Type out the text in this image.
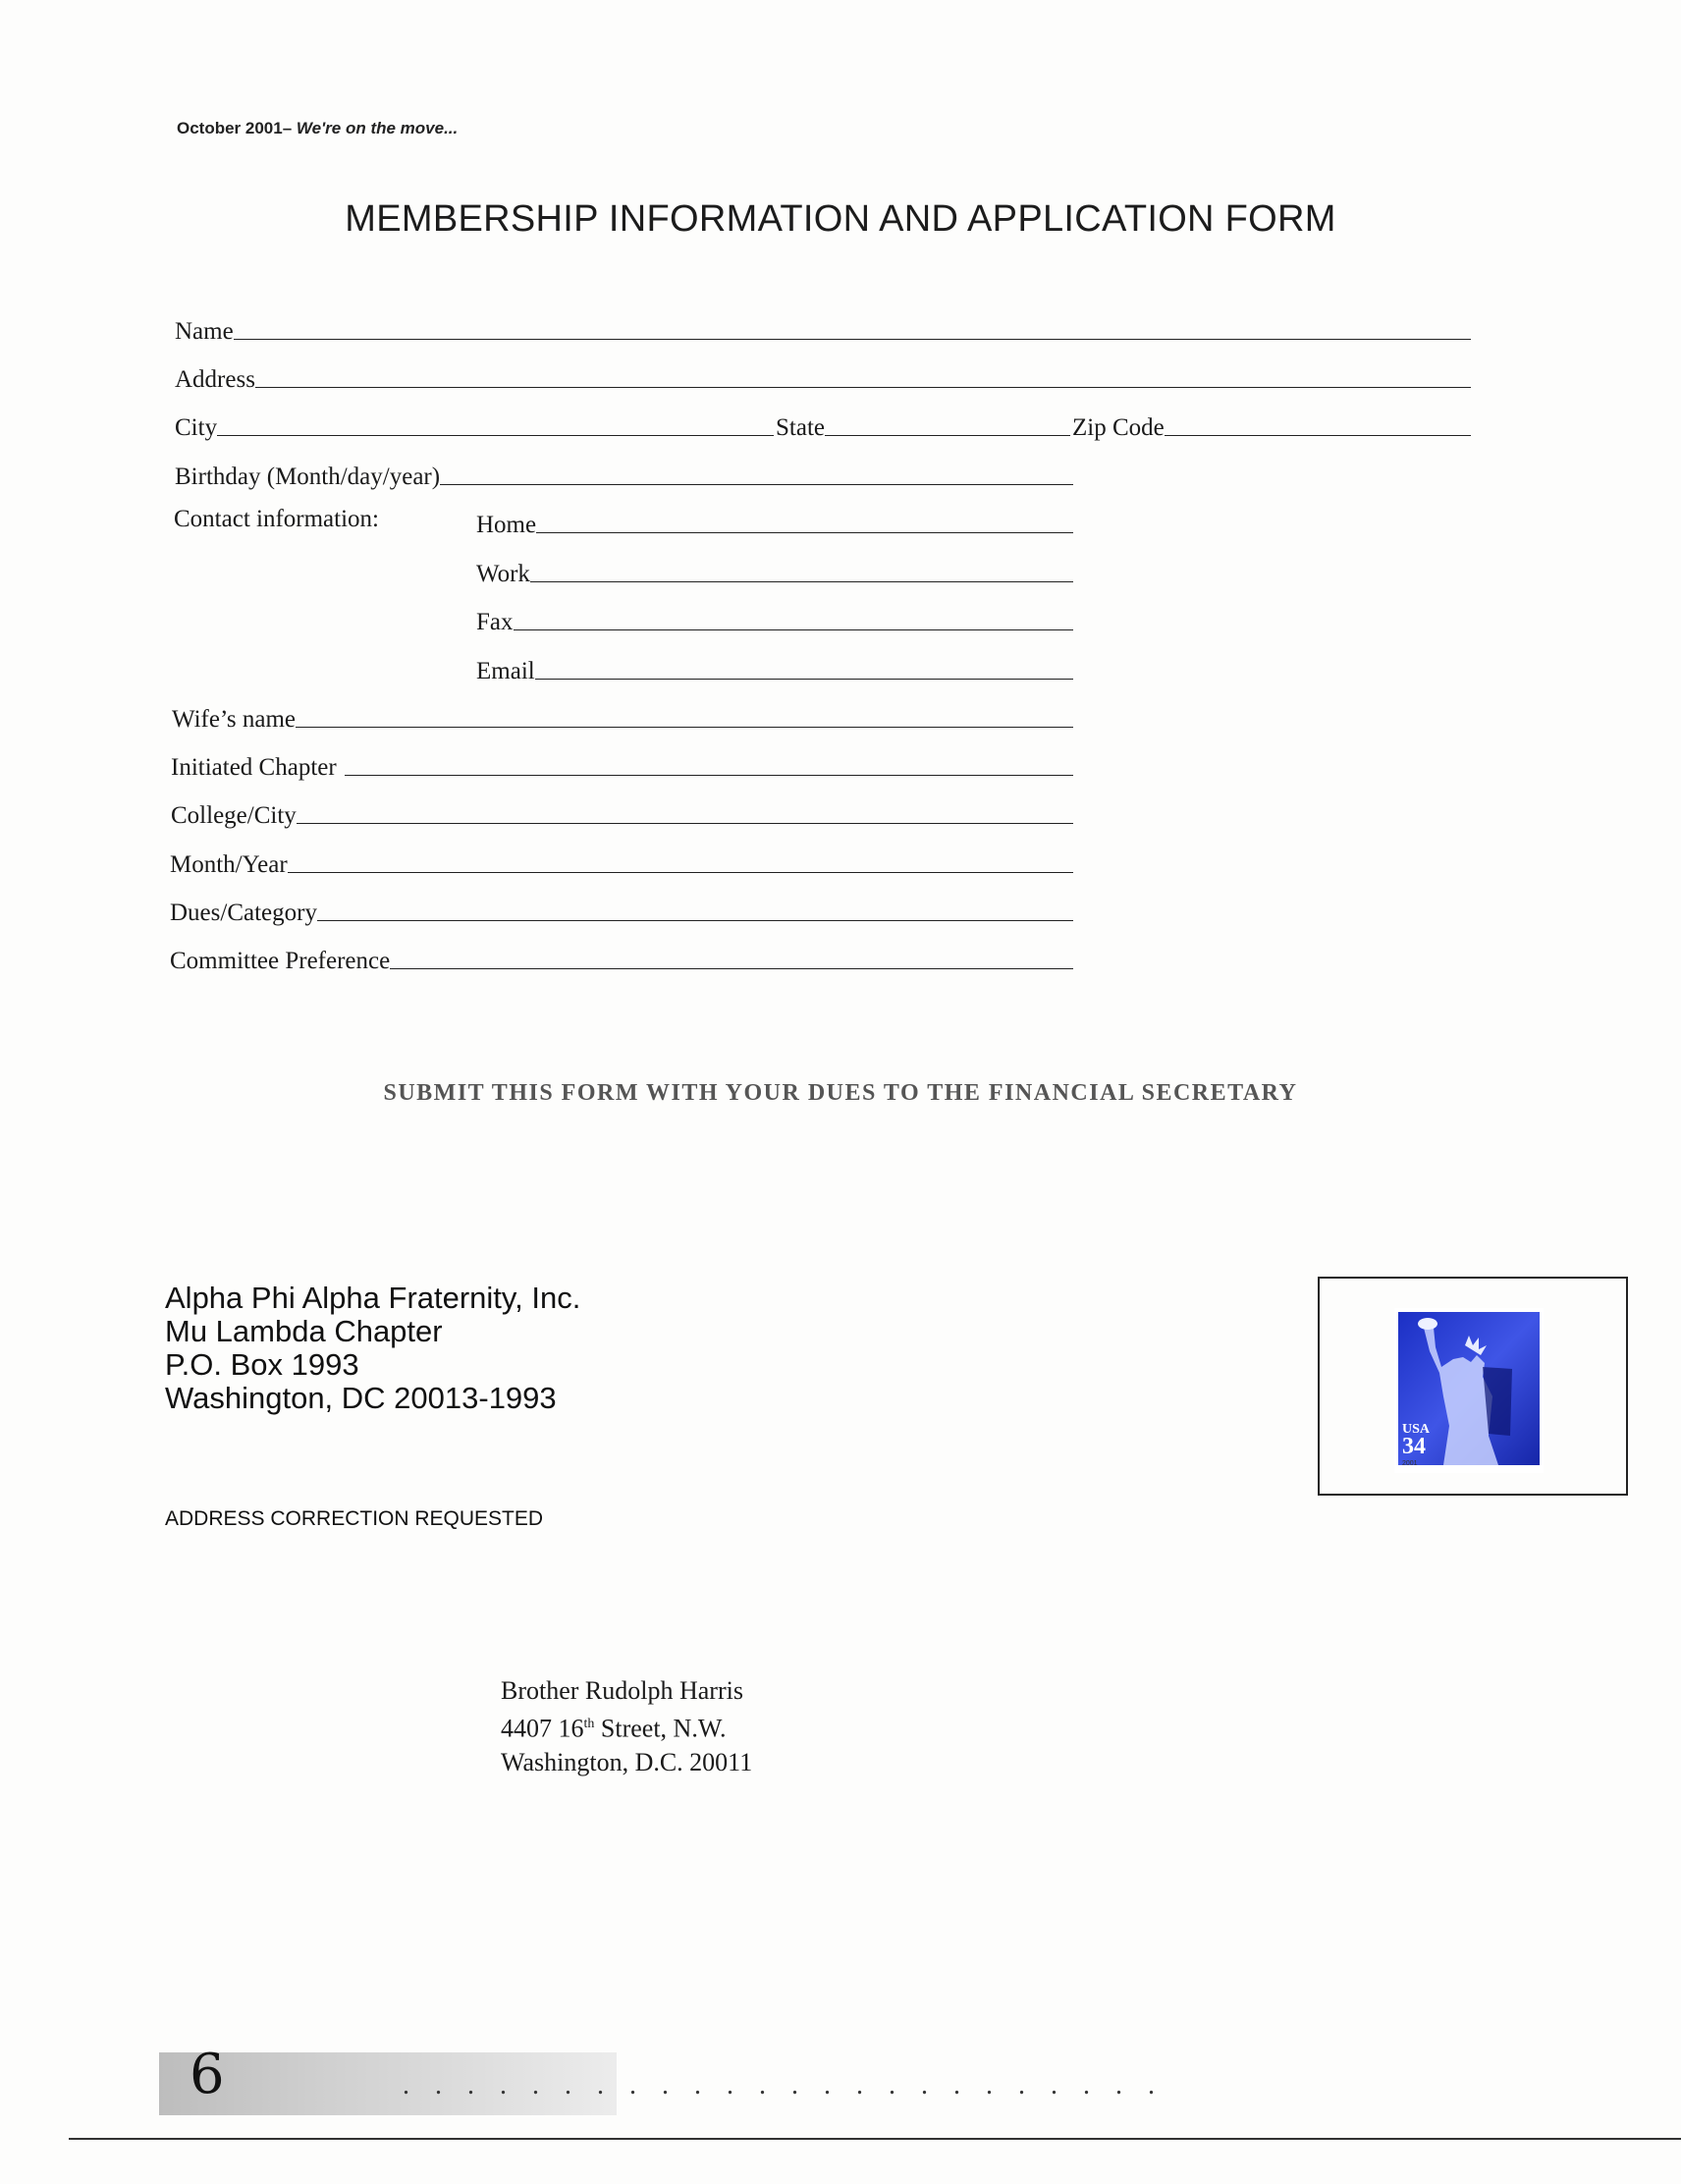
October 2001– We're on the move...
MEMBERSHIP INFORMATION AND APPLICATION FORM
Name
Address
City	State	Zip Code
Birthday (Month/day/year)
Contact information:	Home
Work
Fax
Email
Wife’s name
Initiated Chapter
College/City
Month/Year
Dues/Category
Committee Preference
SUBMIT THIS FORM WITH YOUR DUES TO THE FINANCIAL SECRETARY
Alpha Phi Alpha Fraternity, Inc.
Mu Lambda Chapter
P.O. Box 1993
Washington, DC 20013-1993
ADDRESS CORRECTION REQUESTED
USA
34
2001
Brother Rudolph Harris
4407 16th Street, N.W.
Washington, D.C. 20011
6	........................
